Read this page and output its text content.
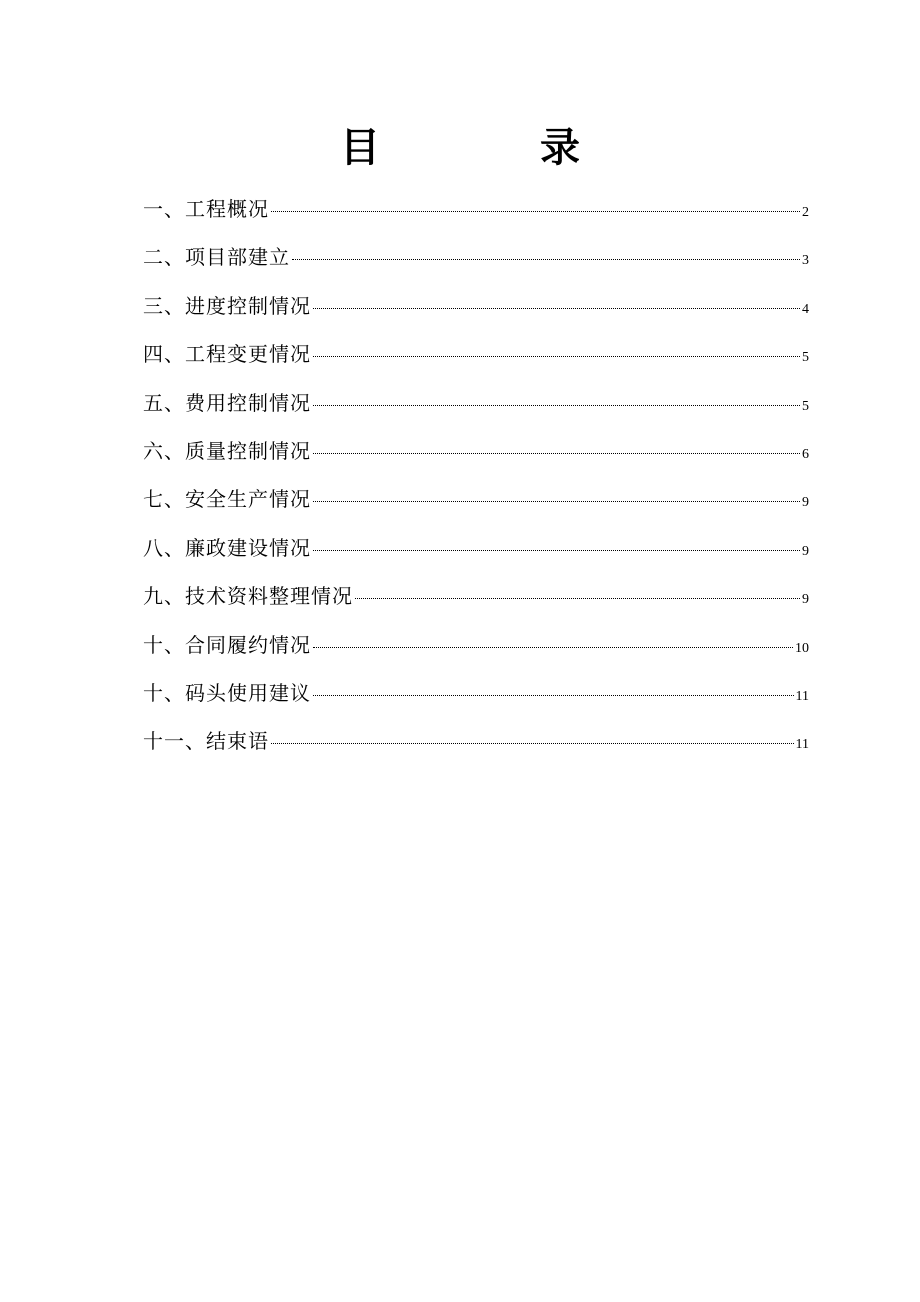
目　录
一、工程概况	2
二、项目部建立	3
三、进度控制情况	4
四、工程变更情况	5
五、费用控制情况	5
六、质量控制情况	6
七、安全生产情况	9
八、廉政建设情况	9
九、技术资料整理情况	9
十、合同履约情况	10
十、码头使用建议	11
十一、结束语	11
